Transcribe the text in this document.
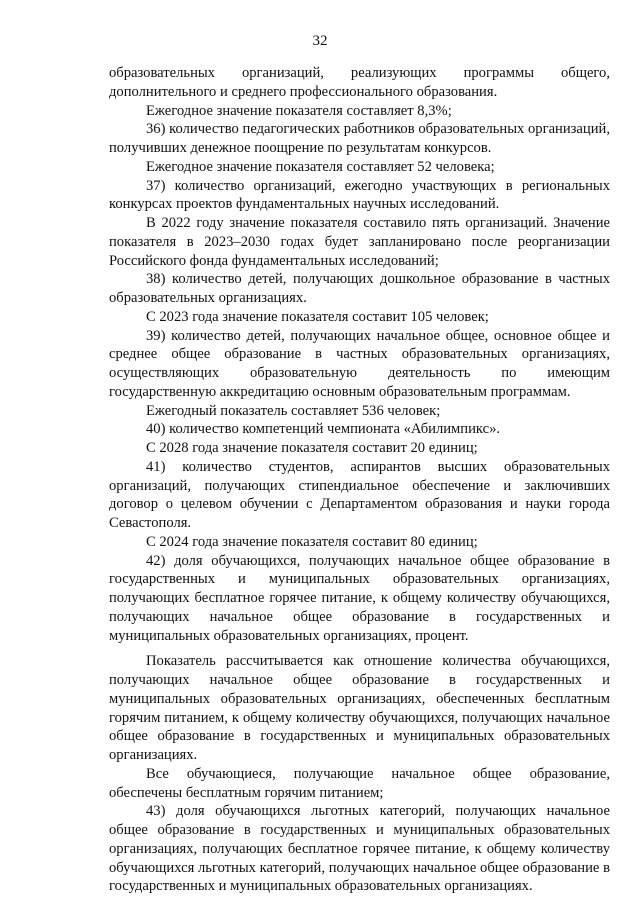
32

образовательных организаций, реализующих программы общего, дополнительного и среднего профессионального образования.

Ежегодное значение показателя составляет 8,3%;

36) количество педагогических работников образовательных организаций, получивших денежное поощрение по результатам конкурсов.

Ежегодное значение показателя составляет 52 человека;

37) количество организаций, ежегодно участвующих в региональных конкурсах проектов фундаментальных научных исследований.

В 2022 году значение показателя составило пять организаций. Значение показателя в 2023–2030 годах будет запланировано после реорганизации Российского фонда фундаментальных исследований;

38) количество детей, получающих дошкольное образование в частных образовательных организациях.

С 2023 года значение показателя составит 105 человек;

39) количество детей, получающих начальное общее, основное общее и среднее общее образование в частных образовательных организациях, осуществляющих образовательную деятельность по имеющим государственную аккредитацию основным образовательным программам.

Ежегодный показатель составляет 536 человек;

40) количество компетенций чемпионата «Абилимпикс».

С 2028 года значение показателя составит 20 единиц;

41) количество студентов, аспирантов высших образовательных организаций, получающих стипендиальное обеспечение и заключивших договор о целевом обучении с Департаментом образования и науки города Севастополя.

С 2024 года значение показателя составит 80 единиц;

42) доля обучающихся, получающих начальное общее образование в государственных и муниципальных образовательных организациях, получающих бесплатное горячее питание, к общему количеству обучающихся, получающих начальное общее образование в государственных и муниципальных образовательных организациях, процент.

Показатель рассчитывается как отношение количества обучающихся, получающих начальное общее образование в государственных и муниципальных образовательных организациях, обеспеченных бесплатным горячим питанием, к общему количеству обучающихся, получающих начальное общее образование в государственных и муниципальных образовательных организациях.

Все обучающиеся, получающие начальное общее образование, обеспечены бесплатным горячим питанием;

43) доля обучающихся льготных категорий, получающих начальное общее образование в государственных и муниципальных образовательных организациях, получающих бесплатное горячее питание, к общему количеству обучающихся льготных категорий, получающих начальное общее образование в государственных и муниципальных образовательных организациях.
